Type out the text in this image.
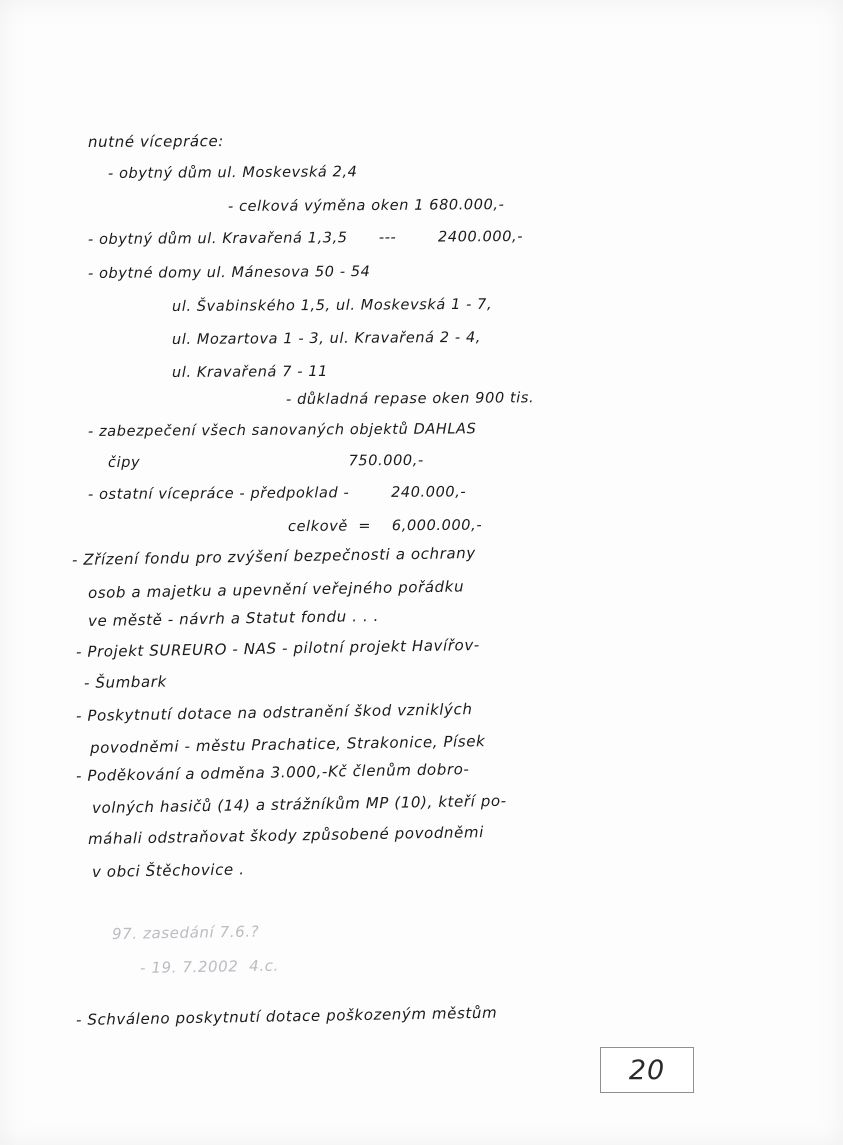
nutné vícepráce:
- obytný dům ul. Moskevská 2,4
- celková výměna oken 1 680.000,-
- obytný dům ul. Kravařená 1,3,5      ---        2400.000,-
- obytné domy ul. Mánesova 50 - 54
ul. Švabinského 1,5, ul. Moskevská 1 - 7,
ul. Mozartova 1 - 3, ul. Kravařená 2 - 4,
ul. Kravařená 7 - 11
- důkladná repase oken 900 tis.
- zabezpečení všech sanovaných objektů DAHLAS
čipy                                        750.000,-
- ostatní vícepráce - předpoklad -        240.000,-
celkově  =    6,000.000,-
- Zřízení fondu pro zvýšení bezpečnosti a ochrany
osob a majetku a upevnění veřejného pořádku
ve městě - návrh a Statut fondu . . .
- Projekt SUREURO - NAS - pilotní projekt Havířov-
- Šumbark
- Poskytnutí dotace na odstranění škod vzniklých
povodněmi - městu Prachatice, Strakonice, Písek
- Poděkování a odměna 3.000,-Kč členům dobro-
volných hasičů (14) a strážníkům MP (10), kteří po-
máhali odstraňovat škody způsobené povodněmi
v obci Štěchovice .
- Schváleno poskytnutí dotace poškozeným městům
97. zasedání 7.6.?
- 19. 7.2002  4.c.
20
